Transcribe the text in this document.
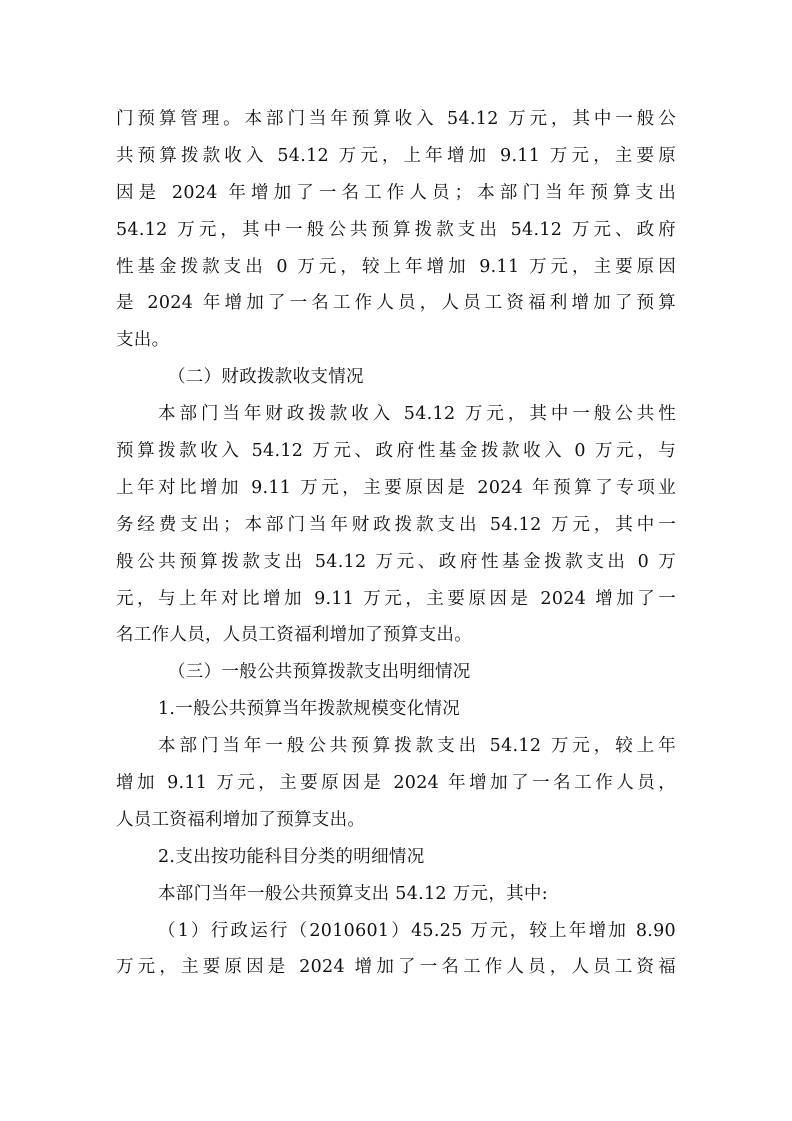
门预算管理。本部门当年预算收入 54.12 万元，其中一般公
共预算拨款收入 54.12 万元，上年增加 9.11 万元，主要原
因是 2024 年增加了一名工作人员；本部门当年预算支出
54.12 万元，其中一般公共预算拨款支出 54.12 万元、政府
性基金拨款支出 0 万元，较上年增加 9.11 万元，主要原因
是 2024 年增加了一名工作人员，人员工资福利增加了预算
支出。
（二）财政拨款收支情况
本部门当年财政拨款收入 54.12 万元，其中一般公共性
预算拨款收入 54.12 万元、政府性基金拨款收入 0 万元，与
上年对比增加 9.11 万元，主要原因是 2024 年预算了专项业
务经费支出；本部门当年财政拨款支出 54.12 万元，其中一
般公共预算拨款支出 54.12 万元、政府性基金拨款支出 0 万
元，与上年对比增加 9.11 万元，主要原因是 2024 增加了一
名工作人员，人员工资福利增加了预算支出。
（三）一般公共预算拨款支出明细情况
1.一般公共预算当年拨款规模变化情况
本部门当年一般公共预算拨款支出 54.12 万元，较上年
增加 9.11 万元，主要原因是 2024 年增加了一名工作人员，
人员工资福利增加了预算支出。
2.支出按功能科目分类的明细情况
本部门当年一般公共预算支出 54.12 万元，其中:
（1）行政运行（2010601）45.25 万元，较上年增加 8.90
万元，主要原因是 2024 增加了一名工作人员，人员工资福
